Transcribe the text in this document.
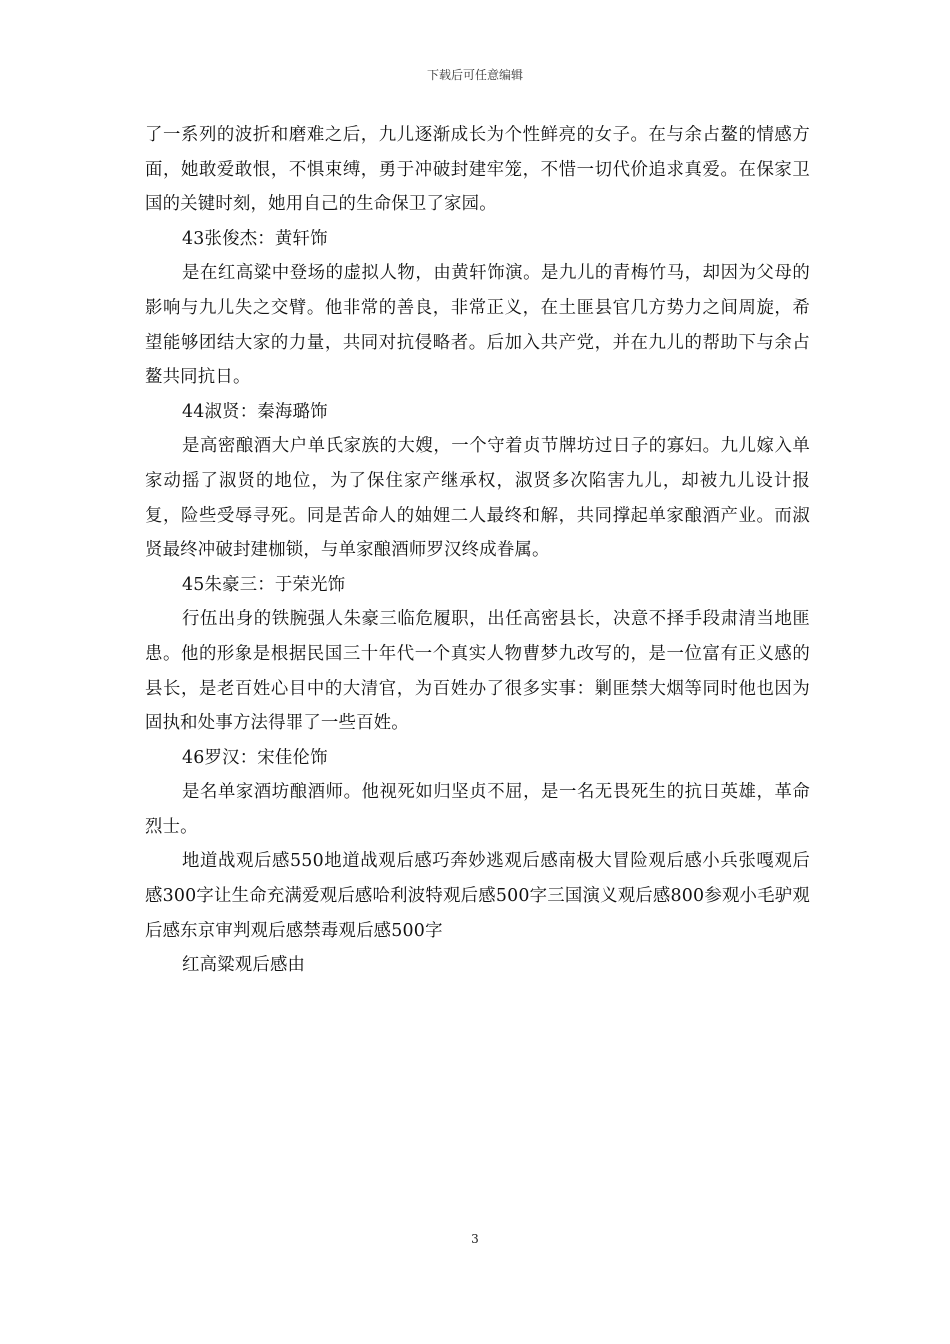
下载后可任意编辑

了一系列的波折和磨难之后，九儿逐渐成长为个性鲜亮的女子。在与余占鳌的情感方面，她敢爱敢恨，不惧束缚，勇于冲破封建牢笼，不惜一切代价追求真爱。在保家卫国的关键时刻，她用自己的生命保卫了家园。

43张俊杰：黄轩饰

是在红高粱中登场的虚拟人物，由黄轩饰演。是九儿的青梅竹马，却因为父母的影响与九儿失之交臂。他非常的善良，非常正义，在土匪县官几方势力之间周旋，希望能够团结大家的力量，共同对抗侵略者。后加入共产党，并在九儿的帮助下与余占鳌共同抗日。

44淑贤：秦海璐饰

是高密酿酒大户单氏家族的大嫂，一个守着贞节牌坊过日子的寡妇。九儿嫁入单家动摇了淑贤的地位，为了保住家产继承权，淑贤多次陷害九儿，却被九儿设计报复，险些受辱寻死。同是苦命人的妯娌二人最终和解，共同撑起单家酿酒产业。而淑贤最终冲破封建枷锁，与单家酿酒师罗汉终成眷属。

45朱豪三：于荣光饰

行伍出身的铁腕强人朱豪三临危履职，出任高密县长，决意不择手段肃清当地匪患。他的形象是根据民国三十年代一个真实人物曹梦九改写的，是一位富有正义感的县长，是老百姓心目中的大清官，为百姓办了很多实事：剿匪禁大烟等同时他也因为固执和处事方法得罪了一些百姓。

46罗汉：宋佳伦饰

是名单家酒坊酿酒师。他视死如归坚贞不屈，是一名无畏死生的抗日英雄，革命烈士。

地道战观后感550地道战观后感巧奔妙逃观后感南极大冒险观后感小兵张嘎观后感300字让生命充满爱观后感哈利波特观后感500字三国演义观后感800参观小毛驴观后感东京审判观后感禁毒观后感500字

红高粱观后感由

3
